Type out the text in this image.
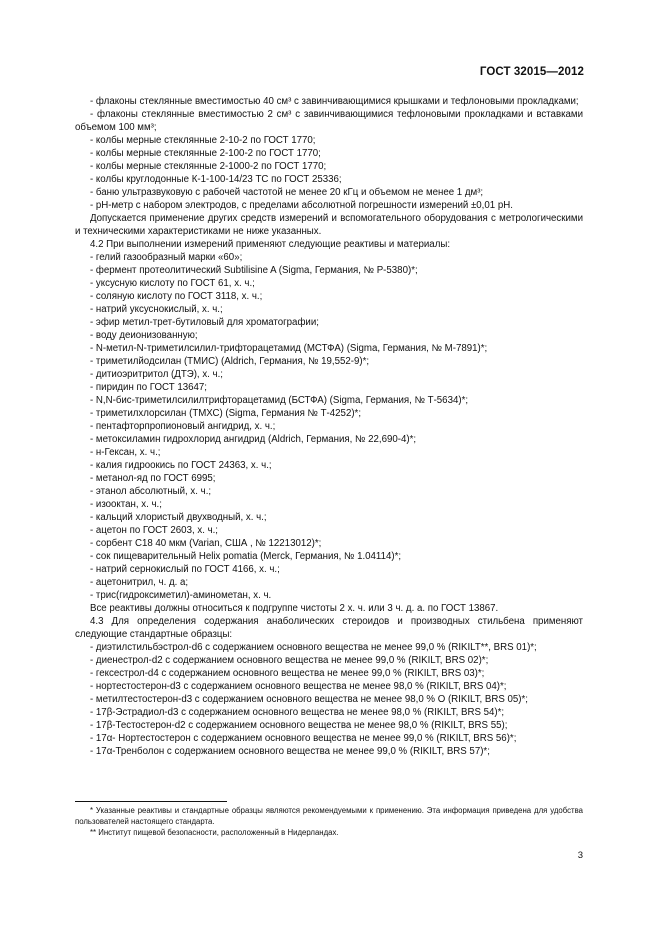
ГОСТ 32015—2012
- флаконы стеклянные вместимостью 40 см³ с завинчивающимися крышками и тефлоновыми прокладками;
- флаконы стеклянные вместимостью 2 см³ с завинчивающимися тефлоновыми прокладками и вставками объемом 100 мм³;
- колбы мерные стеклянные 2-10-2 по ГОСТ 1770;
- колбы мерные стеклянные 2-100-2 по ГОСТ 1770;
- колбы мерные стеклянные 2-1000-2 по ГОСТ 1770;
- колбы круглодонные К-1-100-14/23 ТС по ГОСТ 25336;
- баню ультразвуковую с рабочей частотой не менее 20 кГц и объемом не менее 1 дм³;
- рН-метр с набором электродов, с пределами абсолютной погрешности измерений ±0,01 рН.
Допускается применение других средств измерений и вспомогательного оборудования с метрологическими и техническими характеристиками не ниже указанных.
4.2 При выполнении измерений применяют следующие реактивы и материалы:
- гелий газообразный марки «60»;
- фермент протеолитический Subtilisine A (Sigma, Германия, № Р-5380)*;
- уксусную кислоту по ГОСТ 61, х. ч.;
- соляную кислоту по ГОСТ 3118, х. ч.;
- натрий уксуснокислый, х. ч.;
- эфир метил-трет-бутиловый для хроматографии;
- воду деионизованную;
- N-метил-N-триметилсилил-трифторацетамид (МСТФА) (Sigma, Германия, № М-7891)*;
- триметилйодсилан (ТМИС) (Aldrich, Германия, № 19,552-9)*;
- дитиоэритритол (ДТЭ), х. ч.;
- пиридин по ГОСТ 13647;
- N,N-бис-триметилсилилтрифторацетамид (БСТФА) (Sigma, Германия, № Т-5634)*;
- триметилхлорсилан (ТМХС) (Sigma, Германия № Т-4252)*;
- пентафторпропионовый ангидрид, х. ч.;
- метоксиламин гидрохлорид ангидрид (Aldrich, Германия, № 22,690-4)*;
- н-Гексан, х. ч.;
- калия гидроокись по ГОСТ 24363, х. ч.;
- метанол-яд по ГОСТ 6995;
- этанол абсолютный, х. ч.;
- изооктан, х. ч.;
- кальций хлористый двухводный, х. ч.;
- ацетон по ГОСТ 2603, х. ч.;
- сорбент С18 40 мкм (Varian, США , № 12213012)*;
- сок пищеварительный Helix pomatia (Merck, Германия, № 1.04114)*;
- натрий сернокислый по ГОСТ 4166, х. ч.;
- ацетонитрил, ч. д. а;
- трис(гидроксиметил)-аминометан, х. ч.
Все реактивы должны относиться к подгруппе чистоты 2 х. ч. или 3 ч. д. а. по ГОСТ 13867.
4.3 Для определения содержания анаболических стероидов и производных стильбена применяют следующие стандартные образцы:
- диэтилстильбэстрол-d6 с содержанием основного вещества не менее 99,0 % (RIKILT**, BRS 01)*;
- диенестрол-d2 с содержанием основного вещества не менее 99,0 % (RIKILT, BRS 02)*;
- гексестрол-d4 с содержанием основного вещества не менее 99,0 % (RIKILT, BRS 03)*;
- нортестостерон-d3 с содержанием основного вещества не менее 98,0 % (RIKILT, BRS 04)*;
- метилтестостерон-d3 с содержанием основного вещества не менее 98,0 % О (RIKILT, BRS 05)*;
- 17β-Эстрадиол-d3 с содержанием основного вещества не менее 98,0 % (RIKILT, BRS 54)*;
- 17β-Тестостерон-d2 с содержанием основного вещества не менее 98,0 % (RIKILT, BRS 55);
- 17α- Нортестостерон с содержанием основного вещества не менее 99,0 % (RIKILT, BRS 56)*;
- 17α-Тренболон с содержанием основного вещества не менее 99,0 % (RIKILT, BRS 57)*;
* Указанные реактивы и стандартные образцы являются рекомендуемыми к применению. Эта информация приведена для удобства пользователей настоящего стандарта.
** Институт пищевой безопасности, расположенный в Нидерландах.
3
